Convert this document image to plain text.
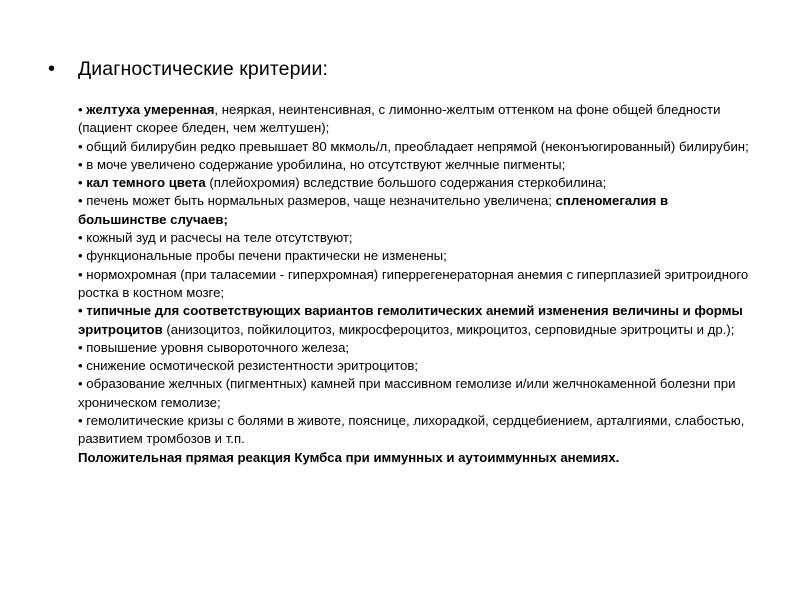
•	Диагностические критерии:

• желтуха умеренная, неяркая, неинтенсивная, с лимонно-желтым оттенком на фоне общей бледности (пациент скорее бледен, чем желтушен);

• общий билирубин редко превышает 80 мкмоль/л, преобладает непрямой (неконъюгированный) билирубин;

• в моче увеличено содержание уробилина, но отсутствуют желчные пигменты;

• кал темного цвета (плейохромия) вследствие большого содержания стеркобилина;

• печень может быть нормальных размеров, чаще незначительно увеличена; спленомегалия в большинстве случаев;

• кожный зуд и расчесы на теле отсутствуют;

• функциональные пробы печени практически не изменены;

• нормохромная (при таласемии - гиперхромная) гиперрегенераторная анемия с гиперплазией эритроидного ростка в костном мозге;

• типичные для соответствующих вариантов гемолитических анемий изменения величины и формы эритроцитов (анизоцитоз, пойкилоцитоз, микросфероцитоз, микроцитоз, серповидные эритроциты и др.);

• повышение уровня сывороточного железа;

• снижение осмотической резистентности эритроцитов;

• образование желчных (пигментных) камней при массивном гемолизе и/или желчнокаменной болезни при хроническом гемолизе;

• гемолитические кризы с болями в животе, пояснице, лихорадкой, сердцебиением, арталгиями, слабостью, развитием тромбозов и т.п.

Положительная прямая реакция Кумбса при иммунных и аутоиммунных анемиях.
